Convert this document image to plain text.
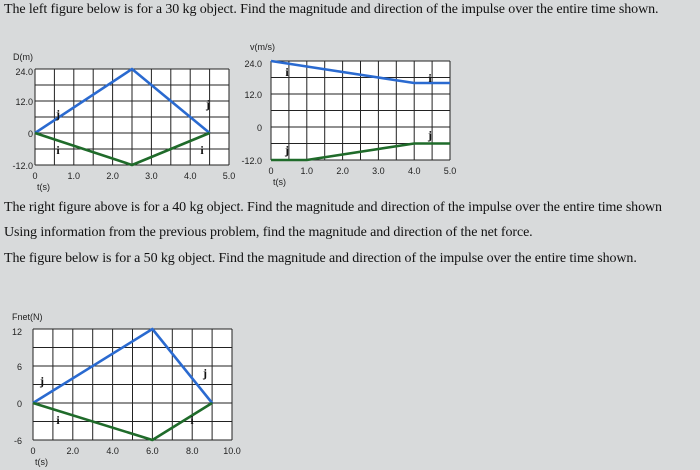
The left figure below is for a 30 kg object. Find the magnitude and direction of the impulse over the entire time shown.
The right figure above is for a 40 kg object. Find the magnitude and direction of the impulse over the entire time shown
Using information from the previous problem, find the magnitude and direction of the net force.
The figure below is for a 50 kg object. Find the magnitude and direction of the impulse over the entire time shown.
D(m)
24.0
12.0
0
-12.0
0	1.0	2.0	3.0	4.0	5.0
t(s)
j
j
i	i
v(m/s)
24.0
12.0
0
-12.0
0	1.0	2.0	3.0	4.0	5.0
t(s)
i	i
j
j
Fnet(N)
12
6
0
-6
0	2.0	4.0	6.0	8.0	10.0
t(s)
j
j
i	i
